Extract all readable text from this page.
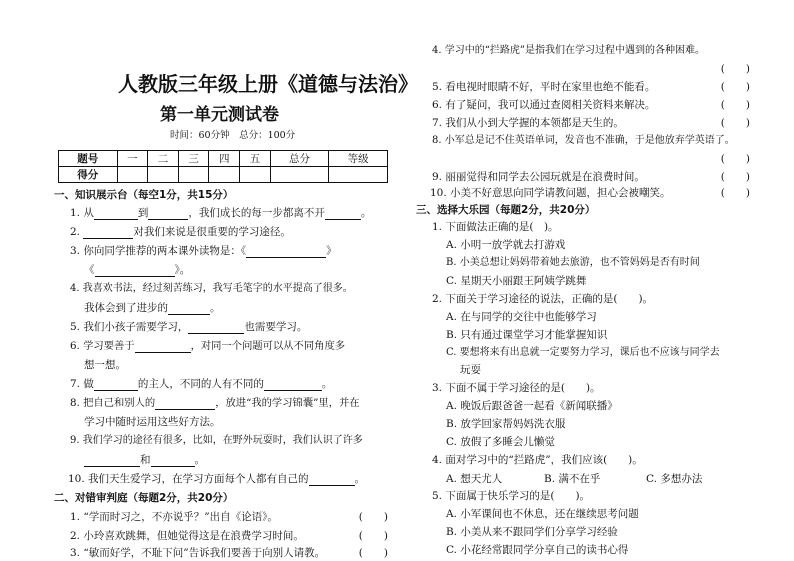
人教版三年级上册《道德与法治》
第一单元测试卷
时间：60分钟　总分：100分
题号	一	二	三	四	五	总分	等级
得分							
一、知识展示台（每空1分，共15分）
1. 从	到	，我们成长的每一步都离不开	。
2.	对我们来说是很重要的学习途径。
3. 你向同学推荐的两本课外读物是：《	》
《	》。
4. 我喜欢书法，经过刻苦练习，我写毛笔字的水平提高了很多。
我体会到了进步的	。
5. 我们小孩子需要学习，	也需要学习。
6. 学习要善于	，对同一个问题可以从不同角度多
想一想。
7. 做	的主人，不同的人有不同的	。
8. 把自己和别人的	，放进“我的学习锦囊”里，并在
学习中随时运用这些好方法。
9. 我们学习的途径有很多，比如，在野外玩耍时，我们认识了许多
和	。
10. 我们天生爱学习，在学习方面每个人都有自己的	。
二、对错审判庭（每题2分，共20分）
1. “学而时习之，不亦说乎？”出自《论语》。	(　　)
2. 小玲喜欢跳舞，但她觉得这是在浪费学习时间。	(　　)
3. “敏而好学，不耻下问”告诉我们要善于向别人请教。	(　　)
4. 学习中的“拦路虎”是指我们在学习过程中遇到的各种困难。
(　　)
5. 看电视时眼睛不好，平时在家里也绝不能看。	(　　)
6. 有了疑问，我可以通过查阅相关资料来解决。	(　　)
7. 我们从小到大学握的本领都是天生的。	(　　)
8. 小军总是记不住英语单词，发音也不准确，于是他放弃学英语了。
(　　)
9. 丽丽觉得和同学去公园玩就是在浪费时间。	(　　)
10. 小美不好意思向同学请教问题，担心会被嘲笑。	(　　)
三、选择大乐园（每题2分，共20分）
1. 下面做法正确的是(　)。
A. 小明一放学就去打游戏
B. 小美总想让妈妈带着她去旅游，也不管妈妈是否有时间
C. 星期天小丽跟王阿姨学跳舞
2. 下面关于学习途径的说法，正确的是(　　)。
A. 在与同学的交往中也能够学习
B. 只有通过课堂学习才能掌握知识
C. 要想将来有出息就一定要努力学习，课后也不应该与同学去
玩耍
3. 下面不属于学习途径的是(　　)。
A. 晚饭后跟爸爸一起看《新闻联播》
B. 放学回家帮妈妈洗衣服
C. 放假了多睡会儿懒觉
4. 面对学习中的“拦路虎”，我们应该(　　)。
A. 想天尤人	B. 满不在乎	C. 多想办法
5. 下面属于快乐学习的是(　　)。
A. 小军课间也不休息，还在继续思考问题
B. 小美从来不跟同学们分享学习经验
C. 小花经常跟同学分享自己的读书心得
